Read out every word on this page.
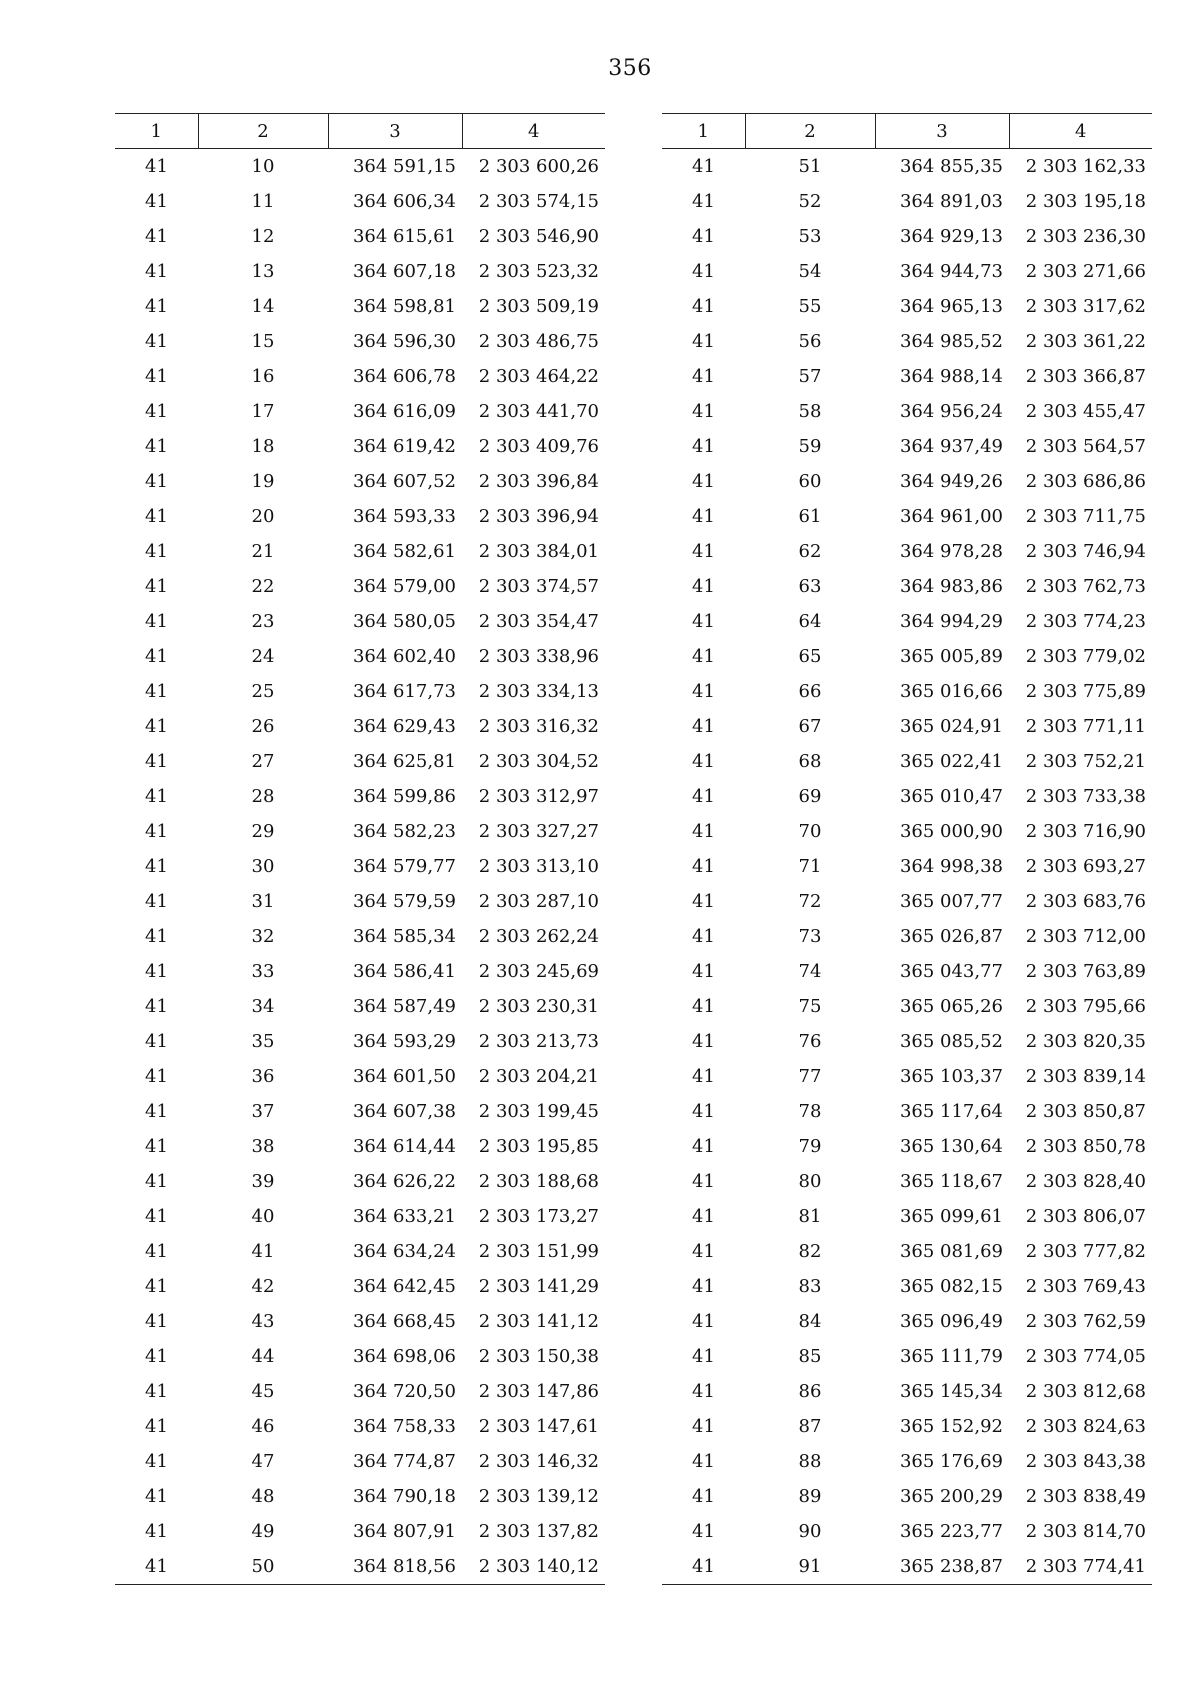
356
1	2	3	4
41	10	364 591,15	2 303 600,26
41	11	364 606,34	2 303 574,15
41	12	364 615,61	2 303 546,90
41	13	364 607,18	2 303 523,32
41	14	364 598,81	2 303 509,19
41	15	364 596,30	2 303 486,75
41	16	364 606,78	2 303 464,22
41	17	364 616,09	2 303 441,70
41	18	364 619,42	2 303 409,76
41	19	364 607,52	2 303 396,84
41	20	364 593,33	2 303 396,94
41	21	364 582,61	2 303 384,01
41	22	364 579,00	2 303 374,57
41	23	364 580,05	2 303 354,47
41	24	364 602,40	2 303 338,96
41	25	364 617,73	2 303 334,13
41	26	364 629,43	2 303 316,32
41	27	364 625,81	2 303 304,52
41	28	364 599,86	2 303 312,97
41	29	364 582,23	2 303 327,27
41	30	364 579,77	2 303 313,10
41	31	364 579,59	2 303 287,10
41	32	364 585,34	2 303 262,24
41	33	364 586,41	2 303 245,69
41	34	364 587,49	2 303 230,31
41	35	364 593,29	2 303 213,73
41	36	364 601,50	2 303 204,21
41	37	364 607,38	2 303 199,45
41	38	364 614,44	2 303 195,85
41	39	364 626,22	2 303 188,68
41	40	364 633,21	2 303 173,27
41	41	364 634,24	2 303 151,99
41	42	364 642,45	2 303 141,29
41	43	364 668,45	2 303 141,12
41	44	364 698,06	2 303 150,38
41	45	364 720,50	2 303 147,86
41	46	364 758,33	2 303 147,61
41	47	364 774,87	2 303 146,32
41	48	364 790,18	2 303 139,12
41	49	364 807,91	2 303 137,82
41	50	364 818,56	2 303 140,12
1	2	3	4
41	51	364 855,35	2 303 162,33
41	52	364 891,03	2 303 195,18
41	53	364 929,13	2 303 236,30
41	54	364 944,73	2 303 271,66
41	55	364 965,13	2 303 317,62
41	56	364 985,52	2 303 361,22
41	57	364 988,14	2 303 366,87
41	58	364 956,24	2 303 455,47
41	59	364 937,49	2 303 564,57
41	60	364 949,26	2 303 686,86
41	61	364 961,00	2 303 711,75
41	62	364 978,28	2 303 746,94
41	63	364 983,86	2 303 762,73
41	64	364 994,29	2 303 774,23
41	65	365 005,89	2 303 779,02
41	66	365 016,66	2 303 775,89
41	67	365 024,91	2 303 771,11
41	68	365 022,41	2 303 752,21
41	69	365 010,47	2 303 733,38
41	70	365 000,90	2 303 716,90
41	71	364 998,38	2 303 693,27
41	72	365 007,77	2 303 683,76
41	73	365 026,87	2 303 712,00
41	74	365 043,77	2 303 763,89
41	75	365 065,26	2 303 795,66
41	76	365 085,52	2 303 820,35
41	77	365 103,37	2 303 839,14
41	78	365 117,64	2 303 850,87
41	79	365 130,64	2 303 850,78
41	80	365 118,67	2 303 828,40
41	81	365 099,61	2 303 806,07
41	82	365 081,69	2 303 777,82
41	83	365 082,15	2 303 769,43
41	84	365 096,49	2 303 762,59
41	85	365 111,79	2 303 774,05
41	86	365 145,34	2 303 812,68
41	87	365 152,92	2 303 824,63
41	88	365 176,69	2 303 843,38
41	89	365 200,29	2 303 838,49
41	90	365 223,77	2 303 814,70
41	91	365 238,87	2 303 774,41
